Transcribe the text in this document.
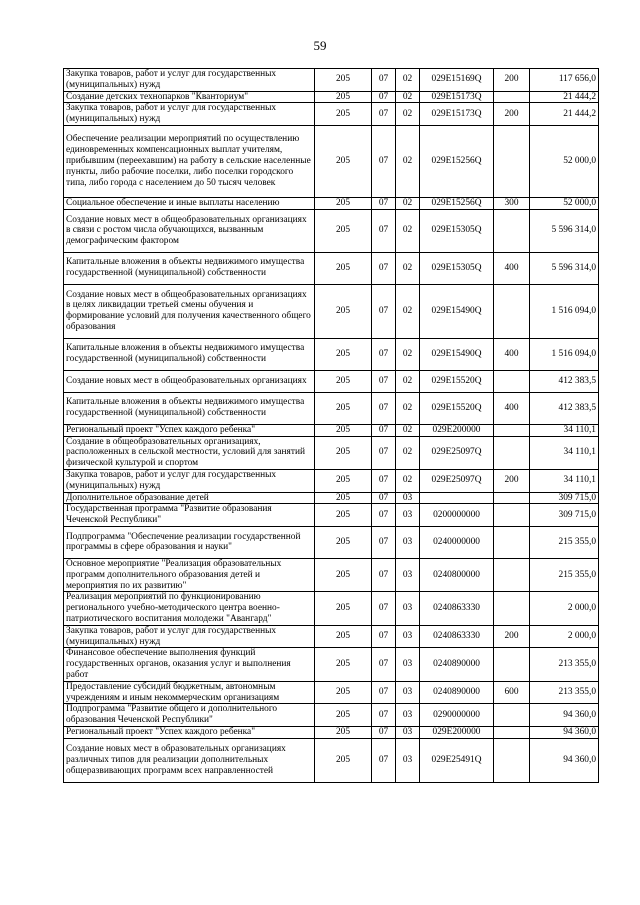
59
Закупка товаров, работ и услуг для государственных (муниципальных) нужд	205	07	02	029E15169Q	200	117 656,0
Создание детских технопарков "Кванториум"	205	07	02	029E15173Q		21 444,2
Закупка товаров, работ и услуг для государственных (муниципальных) нужд	205	07	02	029E15173Q	200	21 444,2
Обеспечение реализации мероприятий по осуществлению единовременных компенсационных выплат учителям, прибывшим (переехавшим) на работу в сельские населенные пункты, либо рабочие поселки, либо поселки городского типа, либо города с населением до 50 тысяч человек	205	07	02	029E15256Q		52 000,0
Социальное обеспечение и иные выплаты населению	205	07	02	029E15256Q	300	52 000,0
Создание новых мест в общеобразовательных организациях в связи с ростом числа обучающихся, вызванным демографическим фактором	205	07	02	029E15305Q		5 596 314,0
Капитальные вложения в объекты недвижимого имущества государственной (муниципальной) собственности	205	07	02	029E15305Q	400	5 596 314,0
Создание новых мест в общеобразовательных организациях в целях ликвидации третьей смены обучения и формирование условий для получения качественного общего образования	205	07	02	029E15490Q		1 516 094,0
Капитальные вложения в объекты недвижимого имущества государственной (муниципальной) собственности	205	07	02	029E15490Q	400	1 516 094,0
Создание новых мест в общеобразовательных организациях	205	07	02	029E15520Q		412 383,5
Капитальные вложения в объекты недвижимого имущества государственной (муниципальной) собственности	205	07	02	029E15520Q	400	412 383,5
Региональный проект "Успех каждого ребенка"	205	07	02	029E200000		34 110,1
Создание в общеобразовательных организациях, расположенных в сельской местности, условий для занятий физической культурой и спортом	205	07	02	029E25097Q		34 110,1
Закупка товаров, работ и услуг для государственных (муниципальных) нужд	205	07	02	029E25097Q	200	34 110,1
Дополнительное образование детей	205	07	03			309 715,0
Государственная программа "Развитие образования Чеченской Республики"	205	07	03	0200000000		309 715,0
Подпрограмма "Обеспечение реализации государственной программы в сфере образования и науки"	205	07	03	0240000000		215 355,0
Основное мероприятие "Реализация образовательных программ дополнительного образования детей и мероприятия по их развитию"	205	07	03	0240800000		215 355,0
Реализация мероприятий по функционированию регионального учебно-методического центра военно-патриотического воспитания молодежи "Авангард"	205	07	03	0240863330		2 000,0
Закупка товаров, работ и услуг для государственных (муниципальных) нужд	205	07	03	0240863330	200	2 000,0
Финансовое обеспечение выполнения функций государственных органов, оказания услуг и выполнения работ	205	07	03	0240890000		213 355,0
Предоставление субсидий бюджетным, автономным учреждениям и иным некоммерческим организациям	205	07	03	0240890000	600	213 355,0
Подпрограмма "Развитие общего и дополнительного образования Чеченской Республики"	205	07	03	0290000000		94 360,0
Региональный проект "Успех каждого ребенка"	205	07	03	029E200000		94 360,0
Создание новых мест в образовательных организациях различных типов для реализации дополнительных общеразвивающих программ всех направленностей	205	07	03	029E25491Q		94 360,0
